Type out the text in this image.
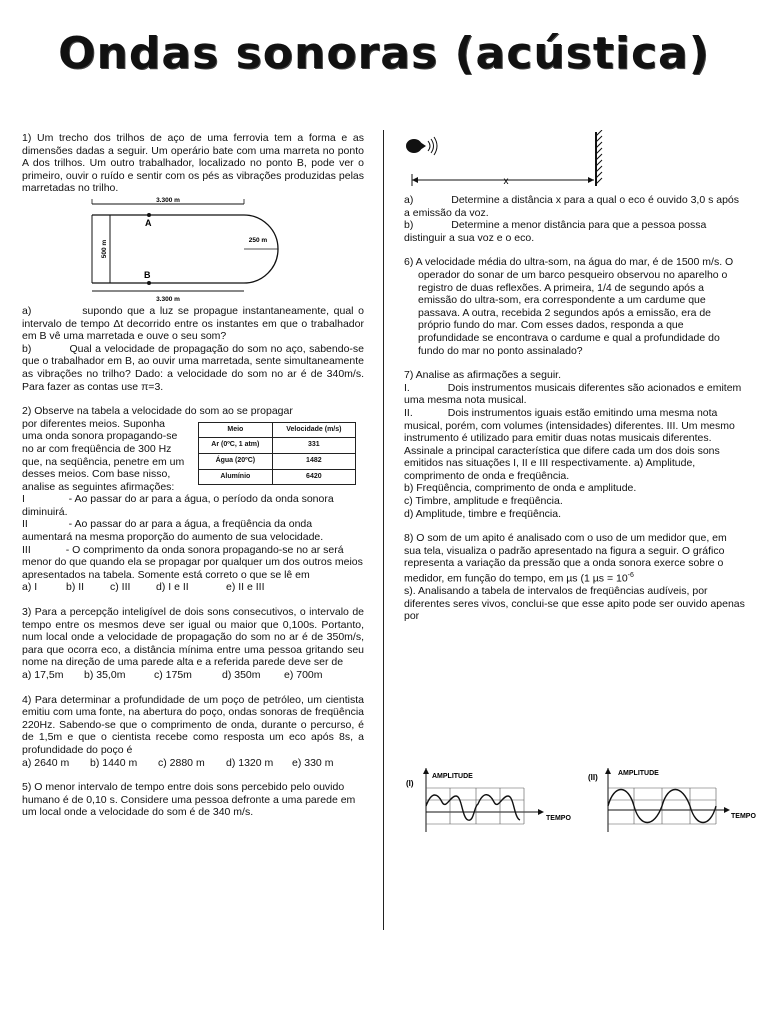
Ondas sonoras (acústica)

1) Um trecho dos trilhos de aço de uma ferrovia tem a forma e as dimensões dadas a seguir. Um operário bate com uma marreta no ponto A dos trilhos. Um outro trabalhador, localizado no ponto B, pode ver o primeiro, ouvir o ruído e sentir com os pés as vibrações produzidas pelas marretadas no trilho.

3.300 m
3.300 m
500 m	250 m
A
B

a)           supondo que a luz se propague instantaneamente, qual o intervalo de tempo Δt decorrido entre os instantes em que o trabalhador em B vê uma marretada e ouve o seu som?

b)           Qual a velocidade de propagação do som no aço, sabendo-se que o trabalhador em B, ao ouvir uma marretada, sente simultaneamente as vibrações no trilho? Dado: a velocidade do som no ar é de 340m/s. Para fazer as contas use π=3.

2) Observe na tabela a velocidade do som ao se propagar

Meio	Velocidade (m/s)
Ar (0ºC, 1 atm)	331
Água (20ºC)	1482
Alumínio	6420

por diferentes meios. Suponha uma onda sonora propagando-se no ar com freqüência de 300 Hz que, na seqüência, penetre em um desses meios. Com base nisso, analise as seguintes afirmações:

I               - Ao passar do ar para a água, o período da onda sonora diminuirá.

II              - Ao passar do ar para a água, a freqüência da onda aumentará na mesma proporção do aumento de sua velocidade.

III            - O comprimento da onda sonora propagando-se no ar será menor do que quando ela se propagar por qualquer um dos outros meios apresentados na tabela. Somente está correto o que se lê em

a) I	b) II c) III d) I e II	e) II e III

3) Para a percepção inteligível de dois sons consecutivos, o intervalo de tempo entre os mesmos deve ser igual ou maior que 0,100s. Portanto, num local onde a velocidade de propagação do som no ar é de 350m/s, para que ocorra eco, a distância mínima entre uma pessoa gritando seu nome na direção de uma parede alta e a referida parede deve ser de

a) 17,5m b) 35,0m	c) 175m	d) 350m e) 700m

4) Para determinar a profundidade de um poço de petróleo, um cientista emitiu com uma fonte, na abertura do poço, ondas sonoras de freqüência 220Hz. Sabendo-se que o comprimento de onda, durante o percurso, é de 1,5m e que o cientista recebe como resposta um eco após 8s, a profundidade do poço é

a) 2640 m b) 1440 m c) 2880 m d) 1320 m e) 330 m

5) O menor intervalo de tempo entre dois sons percebido pelo ouvido humano é de 0,10 s. Considere uma pessoa defronte a uma parede em um local onde a velocidade do som é de 340 m/s.

x

a)             Determine a distância x para a qual o eco é ouvido 3,0 s após a emissão da voz.

b)             Determine a menor distância para que a pessoa possa distinguir a sua voz e o eco.

6) A velocidade média do ultra-som, na água do mar, é de 1500 m/s. O operador do sonar de um barco pesqueiro observou no aparelho o registro de duas reflexões. A primeira, 1/4 de segundo após a emissão do ultra-som, era correspondente a um cardume que passava. A outra, recebida 2 segundos após a emissão, era de próprio fundo do mar. Com esses dados, responda a que profundidade se encontrava o cardume e qual a profundidade do fundo do mar no ponto assinalado?

7) Analise as afirmações a seguir.

I.             Dois instrumentos musicais diferentes são acionados e emitem uma mesma nota musical.

II.            Dois instrumentos iguais estão emitindo uma mesma nota musical, porém, com volumes (intensidades) diferentes. III. Um mesmo instrumento é utilizado para emitir duas notas musicais diferentes.

Assinale a principal característica que difere cada um dos dois sons emitidos nas situações I, II e III respectivamente. a) Amplitude, comprimento de onda e freqüência.

b) Freqüência, comprimento de onda e amplitude.

c) Timbre, amplitude e freqüência.

d) Amplitude, timbre e freqüência.

8) O som de um apito é analisado com o uso de um medidor que, em sua tela, visualiza o padrão apresentado na figura a seguir. O gráfico representa a variação da pressão que a onda sonora exerce sobre o medidor, em função do tempo, em µs (1 $\mu s = 10^{-6}$

s). Analisando a tabela de intervalos de freqüências audíveis, por diferentes seres vivos, conclui-se que esse apito pode ser ouvido apenas por

(I)
AMPLITUDE
TEMPO
(II)	AMPLITUDE
TEMPO
